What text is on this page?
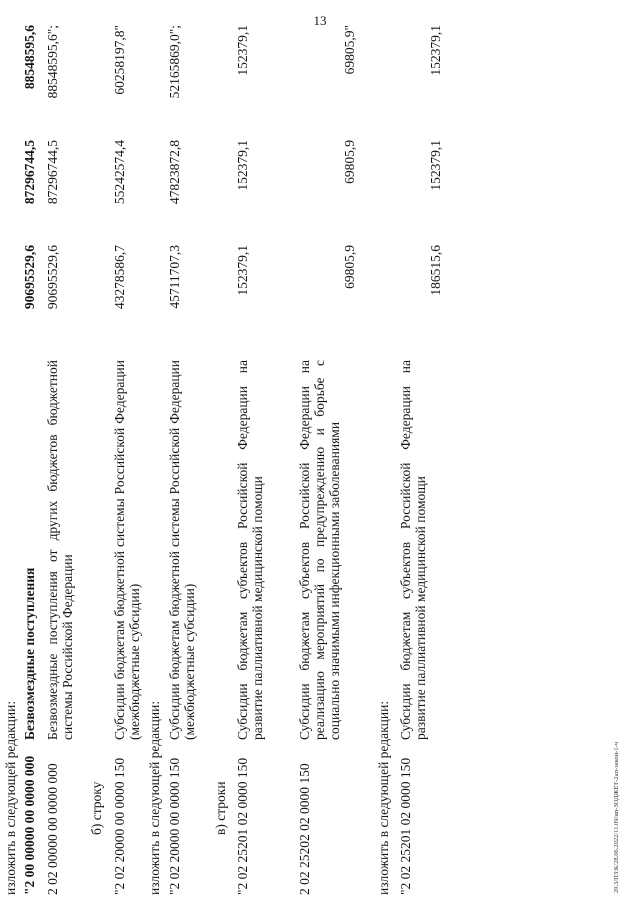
13
изложить в следующей редакции: "2 00 00000 00 0000 000
Безвозмездные поступления
90695529,6
87296744,5
88548595,6
2 02 00000 00 0000 000
Безвозмездные поступления от других бюджетов бюджетной системы Российской Федерации
90695529,6
87296744,5
88548595,6";
б) строку "2 02 20000 00 0000 150
Субсидии бюджетам бюджетной системы Российской Федерации (межбюджетные субсидии)
43278586,7
55242574,4
60258197,8"
изложить в следующей редакции: "2 02 20000 00 0000 150
Субсидии бюджетам бюджетной системы Российской Федерации (межбюджетные субсидии)
45711707,3
47823872,8
52165869,0";
в) строки "2 02 25201 02 0000 150
Субсидии бюджетам субъектов Российской Федерации на развитие паллиативной медицинской помощи
152379,1
152379,1
152379,1
2 02 25202 02 0000 150
Субсидии бюджетам субъектов Российской Федерации на реализацию мероприятий по предупреждению и борьбе с социально значимыми инфекционными заболеваниями
69805,9
69805,9
69805,9"
изложить в следующей редакции: "2 02 25201 02 0000 150
Субсидии бюджетам субъектов Российской Федерации на развитие паллиативной медицинской помощи
186515,6
152379,1
152379,1
20.3/ПЗ:К/28.06.2022/11.09/ип-ЗОДЖЕТ-2ап-закон-1-ч
